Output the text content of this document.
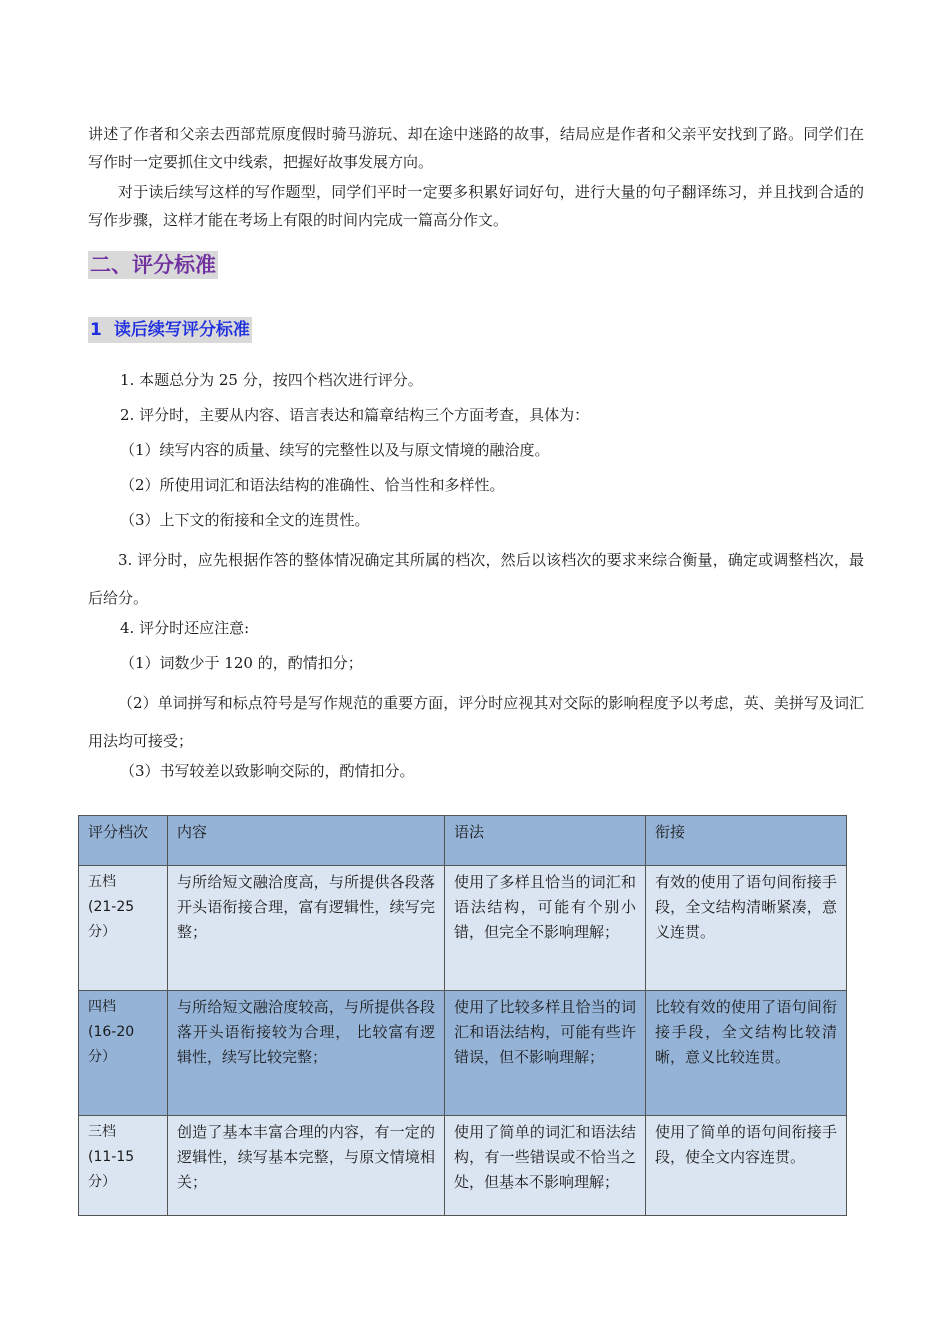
讲述了作者和父亲去西部荒原度假时骑马游玩、却在途中迷路的故事，结局应是作者和父亲平安找到了路。同学们在写作时一定要抓住文中线索，把握好故事发展方向。

对于读后续写这样的写作题型，同学们平时一定要多积累好词好句，进行大量的句子翻译练习，并且找到合适的写作步骤，这样才能在考场上有限的时间内完成一篇高分作文。

二、评分标准
1 读后续写评分标准
1. 本题总分为 25 分，按四个档次进行评分。
2. 评分时，主要从内容、语言表达和篇章结构三个方面考查，具体为：
（1）续写内容的质量、续写的完整性以及与原文情境的融洽度。
（2）所使用词汇和语法结构的准确性、恰当性和多样性。
（3）上下文的衔接和全文的连贯性。

3. 评分时，应先根据作答的整体情况确定其所属的档次，然后以该档次的要求来综合衡量，确定或调整档次，最后给分。

4. 评分时还应注意:
（1）词数少于 120 的，酌情扣分；

（2）单词拼写和标点符号是写作规范的重要方面，评分时应视其对交际的影响程度予以考虑，英、美拼写及词汇用法均可接受；

（3）书写较差以致影响交际的，酌情扣分。
评分档次	内容	语法	衔接

五档
(21-25
分）	与所给短文融洽度高，与所提供各段落开头语衔接合理，富有逻辑性，续写完整；	使用了多样且恰当的词汇和语法结构，可能有个别小错，但完全不影响理解；	有效的使用了语句间衔接手段，全文结构清晰紧凑，意义连贯。

四档
(16-20
分）	与所给短文融洽度较高，与所提供各段落开头语衔接较为合理， 比较富有逻辑性，续写比较完整；	使用了比较多样且恰当的词汇和语法结构，可能有些许错误，但不影响理解；	比较有效的使用了语句间衔接手段，全文结构比较清晰，意义比较连贯。

三档
(11-15
分）	创造了基本丰富合理的内容，有一定的逻辑性，续写基本完整，与原文情境相关；	使用了简单的词汇和语法结构，有一些错误或不恰当之处，但基本不影响理解；	使用了简单的语句间衔接手段，使全文内容连贯。
